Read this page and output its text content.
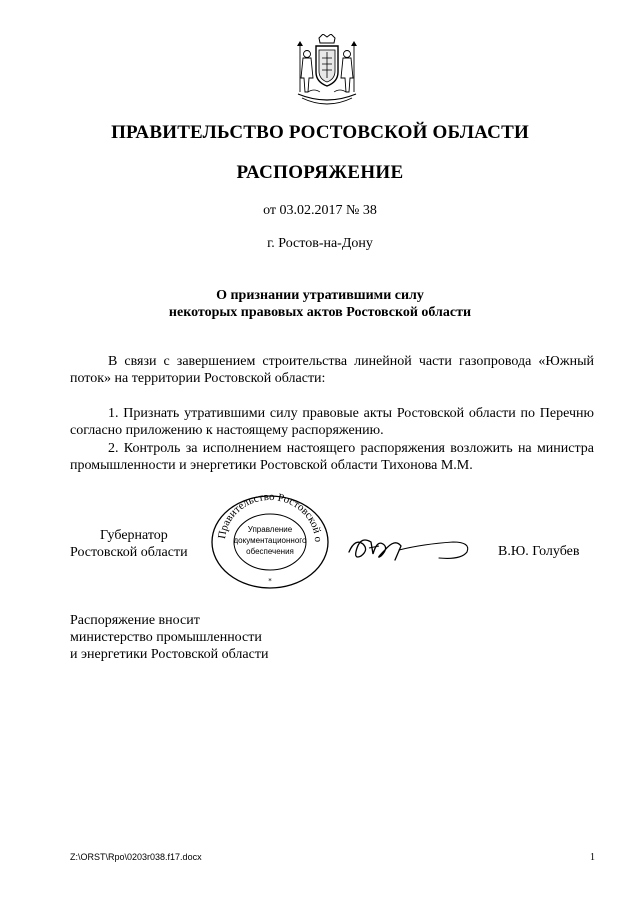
ПРАВИТЕЛЬСТВО РОСТОВСКОЙ ОБЛАСТИ
РАСПОРЯЖЕНИЕ
от 03.02.2017 № 38
г. Ростов-на-Дону
О признании утратившими силу
некоторых правовых актов Ростовской области
В связи с завершением строительства линейной части газопровода «Южный поток» на территории Ростовской области:
1. Признать утратившими силу правовые акты Ростовской области по Перечню согласно приложению к настоящему распоряжению.
2. Контроль за исполнением настоящего распоряжения возложить на министра промышленности и энергетики Ростовской области Тихонова М.М.
Губернатор
Ростовской области
Правительство Ростовской о
Управление
документационного
обеспечения
*
В.Ю. Голубев
Распоряжение вносит
министерство промышленности
и энергетики Ростовской области
Z:\ORST\Rpo\0203r038.f17.docx	1
